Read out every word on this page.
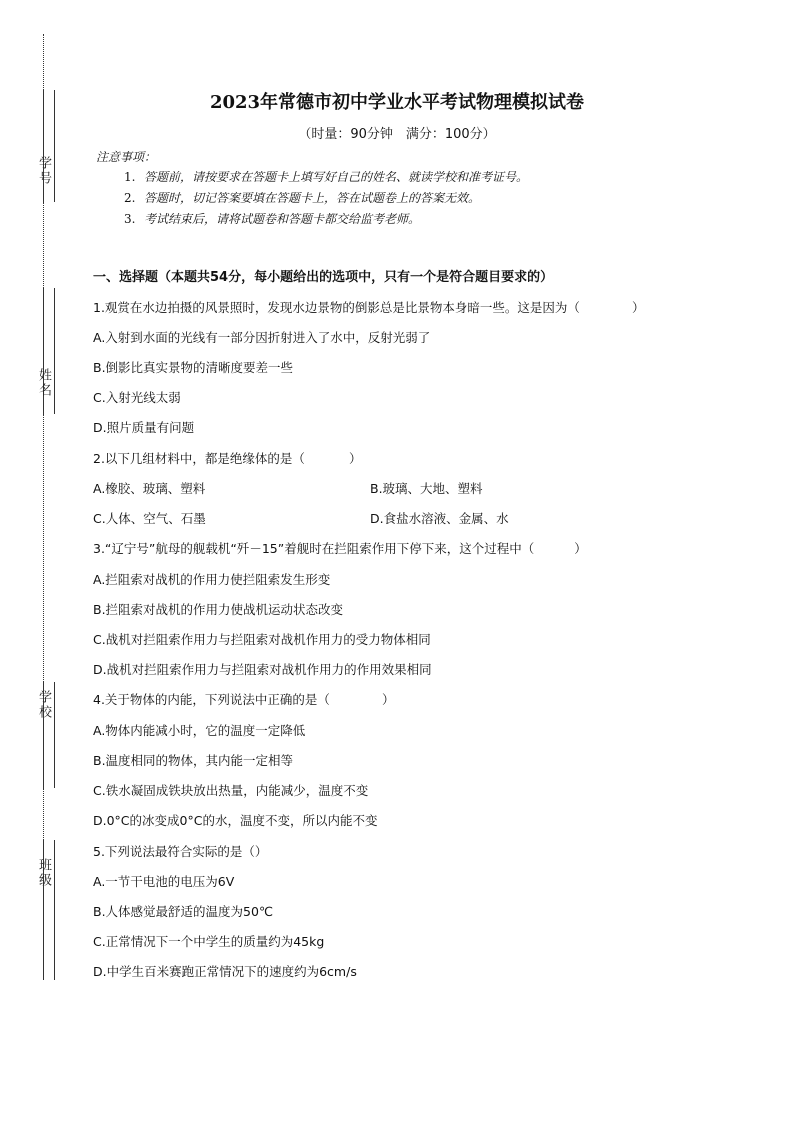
学号
姓名
学校
班级
2023年常德市初中学业水平考试物理模拟试卷
（时量：90分钟　满分：100分）
注意事项：
1. 答题前，请按要求在答题卡上填写好自己的姓名、就读学校和准考证号。
2. 答题时，切记答案要填在答题卡上，答在试题卷上的答案无效。
3. 考试结束后，请将试题卷和答题卡都交给监考老师。
一、选择题（本题共54分，每小题给出的选项中，只有一个是符合题目要求的）
1.观赏在水边拍摄的风景照时，发现水边景物的倒影总是比景物本身暗一些。这是因为（	）
A.入射到水面的光线有一部分因折射进入了水中，反射光弱了
B.倒影比真实景物的清晰度要差一些
C.入射光线太弱
D.照片质量有问题
2.以下几组材料中，都是绝缘体的是（	）
A.橡胶、玻璃、塑料	B.玻璃、大地、塑料
C.人体、空气、石墨	D.食盐水溶液、金属、水
3.“辽宁号”航母的舰载机“歼－15”着舰时在拦阻索作用下停下来，这个过程中（	）
A.拦阻索对战机的作用力使拦阻索发生形变
B.拦阻索对战机的作用力使战机运动状态改变
C.战机对拦阻索作用力与拦阻索对战机作用力的受力物体相同
D.战机对拦阻索作用力与拦阻索对战机作用力的作用效果相同
4.关于物体的内能，下列说法中正确的是（	）
A.物体内能减小时，它的温度一定降低
B.温度相同的物体，其内能一定相等
C.铁水凝固成铁块放出热量，内能减少，温度不变
D.0°C的冰变成0°C的水，温度不变，所以内能不变
5.下列说法最符合实际的是（）
A.一节干电池的电压为6V
B.人体感觉最舒适的温度为50℃
C.正常情况下一个中学生的质量约为45kg
D.中学生百米赛跑正常情况下的速度约为6cm/s
